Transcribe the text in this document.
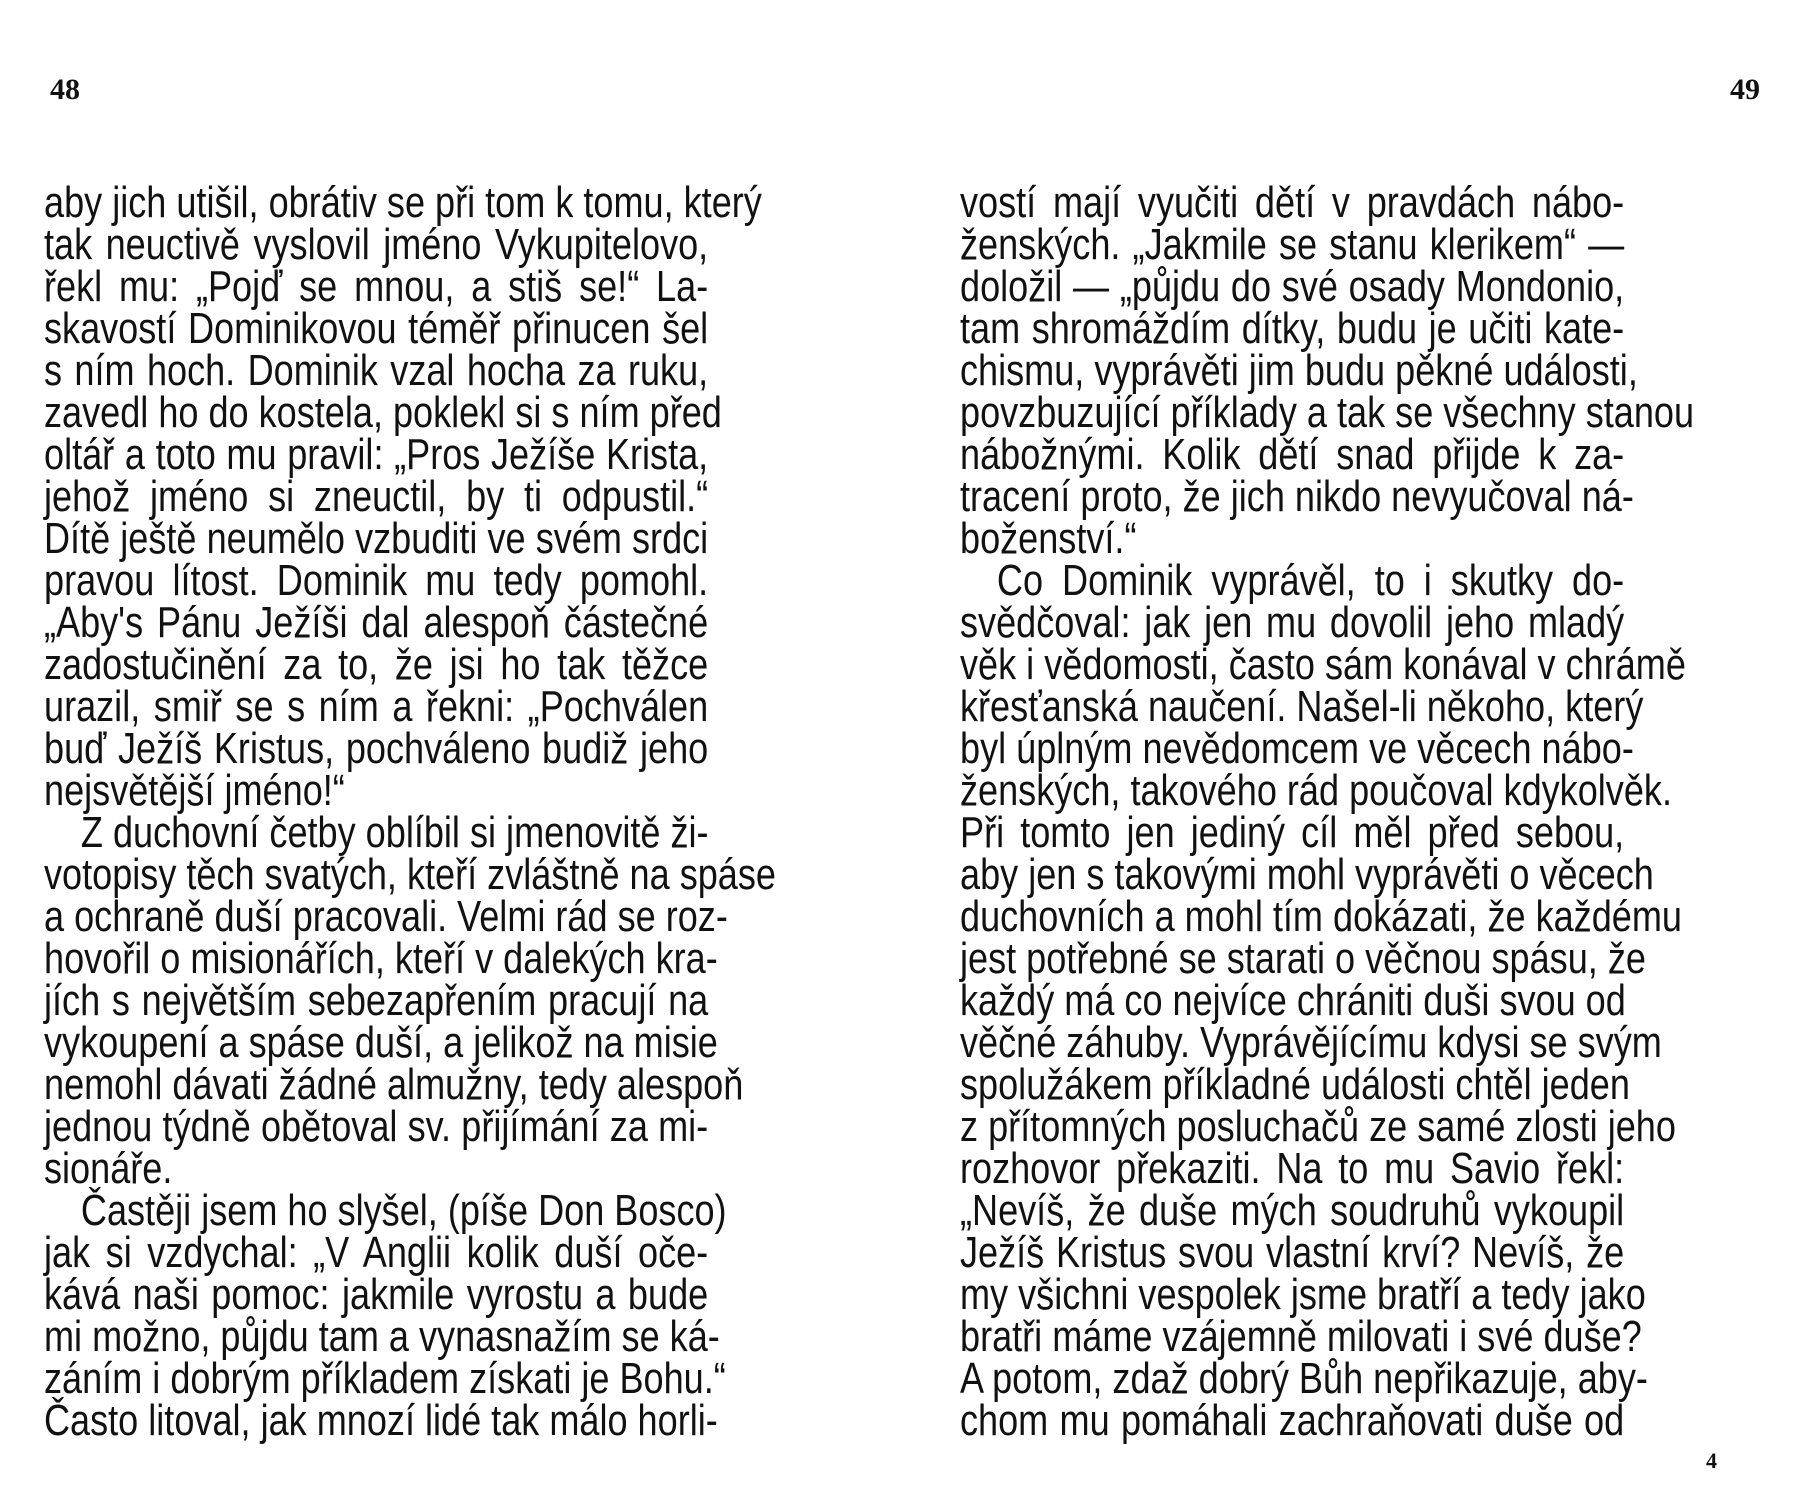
48	49
aby jich utišil, obrátiv se při tom k tomu, který
tak neuctivě vyslovil jméno Vykupitelovo,
řekl mu: „Pojď se mnou, a stiš se!“ La-
skavostí Dominikovou téměř přinucen šel
s ním hoch. Dominik vzal hocha za ruku,
zavedl ho do kostela, poklekl si s ním před
oltář a toto mu pravil: „Pros Ježíše Krista,
jehož jméno si zneuctil, by ti odpustil.“
Dítě ještě neumělo vzbuditi ve svém srdci
pravou lítost. Dominik mu tedy pomohl.
„Aby's Pánu Ježíši dal alespoň částečné
zadostučinění za to, že jsi ho tak těžce
urazil, smiř se s ním a řekni: „Pochválen
buď Ježíš Kristus, pochváleno budiž jeho
nejsvětější jméno!“
Z duchovní četby oblíbil si jmenovitě ži-
votopisy těch svatých, kteří zvláštně na spáse
a ochraně duší pracovali. Velmi rád se roz-
hovořil o misionářích, kteří v dalekých kra-
jích s největším sebezapřením pracují na
vykoupení a spáse duší, a jelikož na misie
nemohl dávati žádné almužny, tedy alespoň
jednou týdně obětoval sv. přijímání za mi-
sionáře.
Častěji jsem ho slyšel, (píše Don Bosco)
jak si vzdychal: „V Anglii kolik duší oče-
kává naši pomoc: jakmile vyrostu a bude
mi možno, půjdu tam a vynasnažím se ká-
záním i dobrým příkladem získati je Bohu.“
Často litoval, jak mnozí lidé tak málo horli-
vostí mají vyučiti dětí v pravdách nábo-
ženských. „Jakmile se stanu klerikem“ —
doložil — „půjdu do své osady Mondonio,
tam shromáždím dítky, budu je učiti kate-
chismu, vyprávěti jim budu pěkné události,
povzbuzující příklady a tak se všechny stanou
nábožnými. Kolik dětí snad přijde k za-
tracení proto, že jich nikdo nevyučoval ná-
boženství.“
Co Dominik vyprávěl, to i skutky do-
svědčoval: jak jen mu dovolil jeho mladý
věk i vědomosti, často sám konával v chrámě
křesťanská naučení. Našel-li někoho, který
byl úplným nevědomcem ve věcech nábo-
ženských, takového rád poučoval kdykolvěk.
Při tomto jen jediný cíl měl před sebou,
aby jen s takovými mohl vyprávěti o věcech
duchovních a mohl tím dokázati, že každému
jest potřebné se starati o věčnou spásu, že
každý má co nejvíce chrániti duši svou od
věčné záhuby. Vyprávějícímu kdysi se svým
spolužákem příkladné události chtěl jeden
z přítomných posluchačů ze samé zlosti jeho
rozhovor překaziti. Na to mu Savio řekl:
„Nevíš, že duše mých soudruhů vykoupil
Ježíš Kristus svou vlastní krví? Nevíš, že
my všichni vespolek jsme bratří a tedy jako
bratři máme vzájemně milovati i své duše?
A potom, zdaž dobrý Bůh nepřikazuje, aby-
chom mu pomáhali zachraňovati duše od
4
